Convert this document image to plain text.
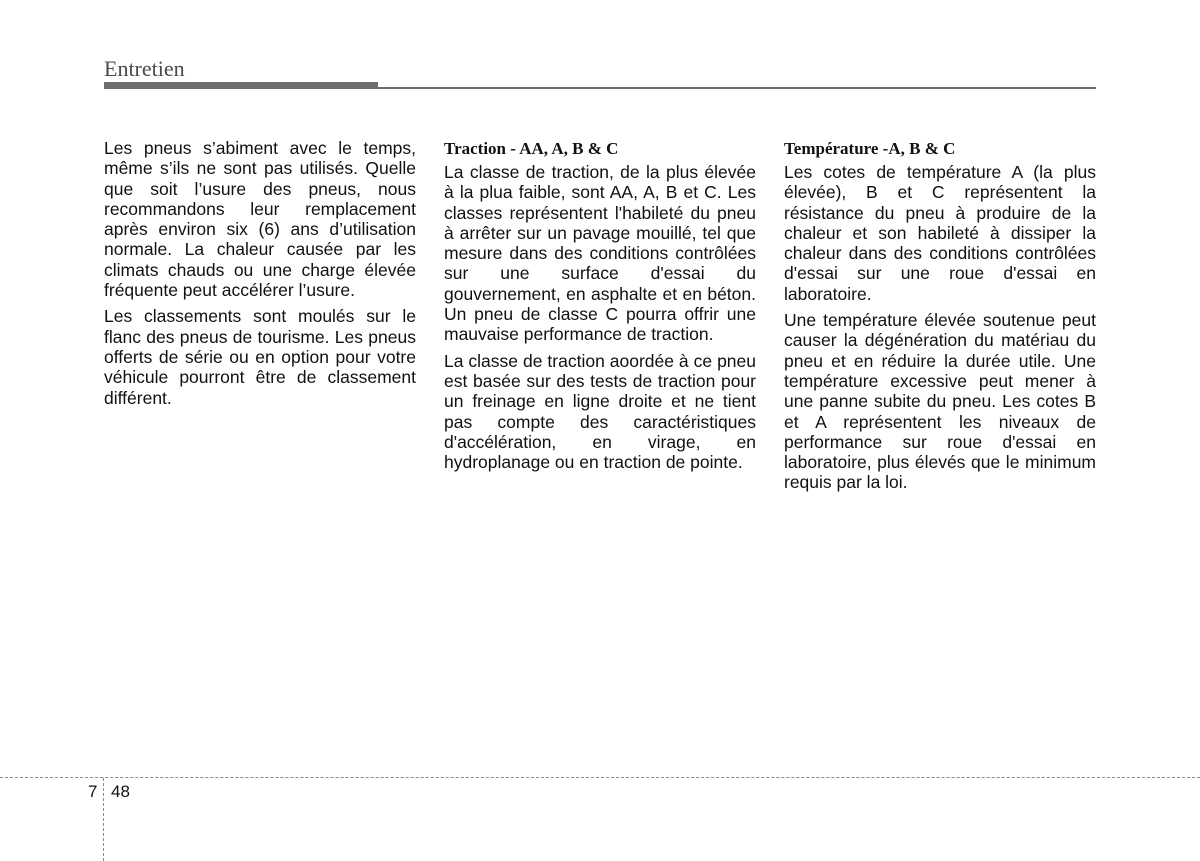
Entretien

Les pneus s’abiment avec le temps, même s’ils ne sont pas utilisés. Quelle que soit l’usure des pneus, nous recommandons leur remplacement après environ six (6) ans d’utilisation normale. La chaleur causée par les climats chauds ou une charge élevée fréquente peut accélérer l’usure.

Les classements sont moulés sur le flanc des pneus de tourisme. Les pneus offerts de série ou en option pour votre véhicule pourront être de classement différent.

Traction - AA, A, B & C

La classe de traction, de la plus élevée à la plua faible, sont AA, A, B et C. Les classes représentent l'habileté du pneu à arrêter sur un pavage mouillé, tel que mesure dans des conditions contrôlées sur une surface d'essai du gouvernement, en asphalte et en béton. Un pneu de classe C pourra offrir une mauvaise performance de traction.

La classe de traction aoordée à ce pneu est basée sur des tests de traction pour un freinage en ligne droite et ne tient pas compte des caractéristiques d'accélération, en virage, en hydroplanage ou en traction de pointe.

Température -A, B & C

Les cotes de température A (la plus élevée), B et C représentent la résistance du pneu à produire de la chaleur et son habileté à dissiper la chaleur dans des conditions contrôlées d'essai sur une roue d'essai en laboratoire.

Une température élevée soutenue peut causer la dégénération du matériau du pneu et en réduire la durée utile. Une température excessive peut mener à une panne subite du pneu. Les cotes B et A représentent les niveaux de performance sur roue d'essai en laboratoire, plus élevés que le minimum requis par la loi.

7 48
